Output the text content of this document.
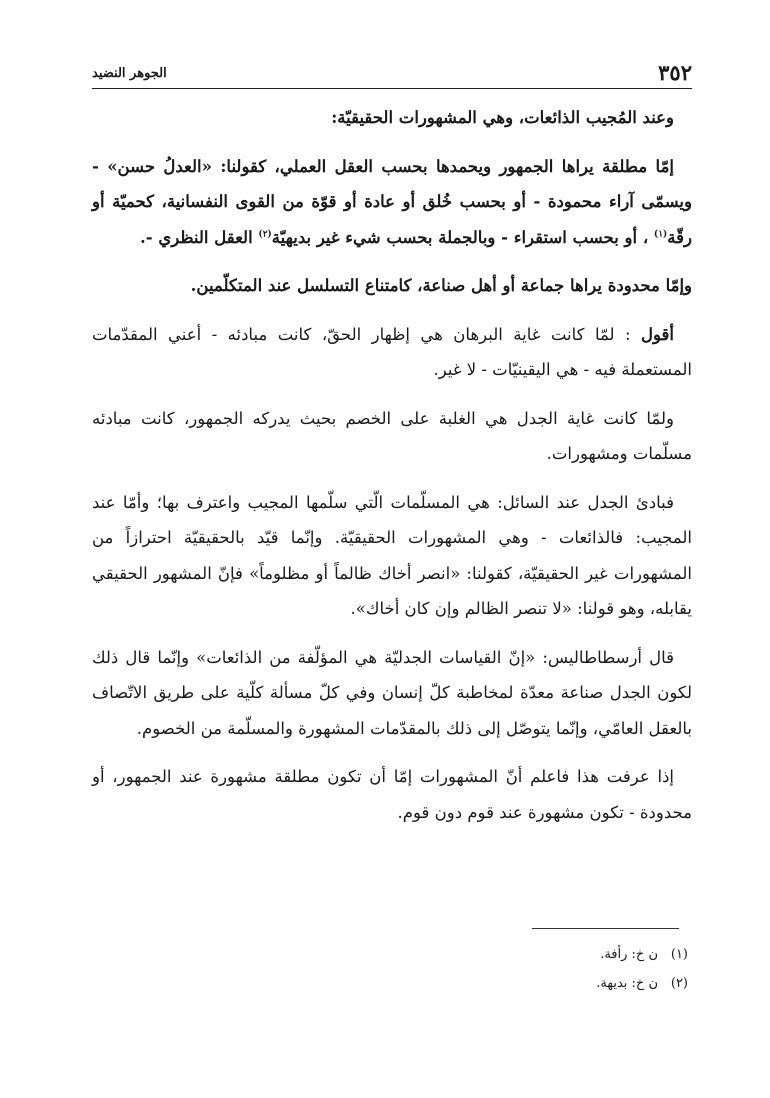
٣٥٢
الجوهر النضيد

وعند المُجيب الذائعات، وهي المشهورات الحقيقيّة:

إمّا مطلقة يراها الجمهور ويحمدها بحسب العقل العملي، كقولنا: «العدلُ حسن» - ويسمّى آراء محمودة - أو بحسب خُلق أو عادة أو قوّة من القوى النفسانية، كحميّة أو رقّة$^{(١)}$ ، أو بحسب استقراء - وبالجملة بحسب شيء غير بديهيّة$^{(٢)}$ العقل النظري -.

وإمّا محدودة يراها جماعة أو أهل صناعة، كامتناع التسلسل عند المتكلّمين.

أقول : لمّا كانت غاية البرهان هي إظهار الحقّ، كانت مبادئه - أعني المقدّمات المستعملة فيه - هي اليقينيّات - لا غير.

ولمّا كانت غاية الجدل هي الغلبة على الخصم بحيث يدركه الجمهور، كانت مبادئه مسلّمات ومشهورات.

فبادئ الجدل عند السائل: هي المسلّمات الّتي سلّمها المجيب واعترف بها؛ وأمّا عند المجيب: فالذائعات - وهي المشهورات الحقيقيّة. وإنّما قيّد بالحقيقيّة احترازاً من المشهورات غير الحقيقيّة، كقولنا: «انصر أخاك ظالماً أو مظلوماً» فإنّ المشهور الحقيقي يقابله، وهو قولنا: «لا تنصر الظالم وإن كان أخاك».

قال أرسطاطاليس: «إنّ القياسات الجدليّة هي المؤلّفة من الذائعات» وإنّما قال ذلك لكون الجدل صناعة معدّة لمخاطبة كلّ إنسان وفي كلّ مسألة كلّية على طريق الاتّصاف بالعقل العامّي، وإنّما يتوصّل إلى ذلك بالمقدّمات المشهورة والمسلّمة من الخصوم.

إذا عرفت هذا فاعلم أنّ المشهورات إمّا أن تكون مطلقة مشهورة عند الجمهور، أو محدودة - تكون مشهورة عند قوم دون قوم.

(١)
ن خ: رأفة.
(٢)
ن خ: بديهة.
